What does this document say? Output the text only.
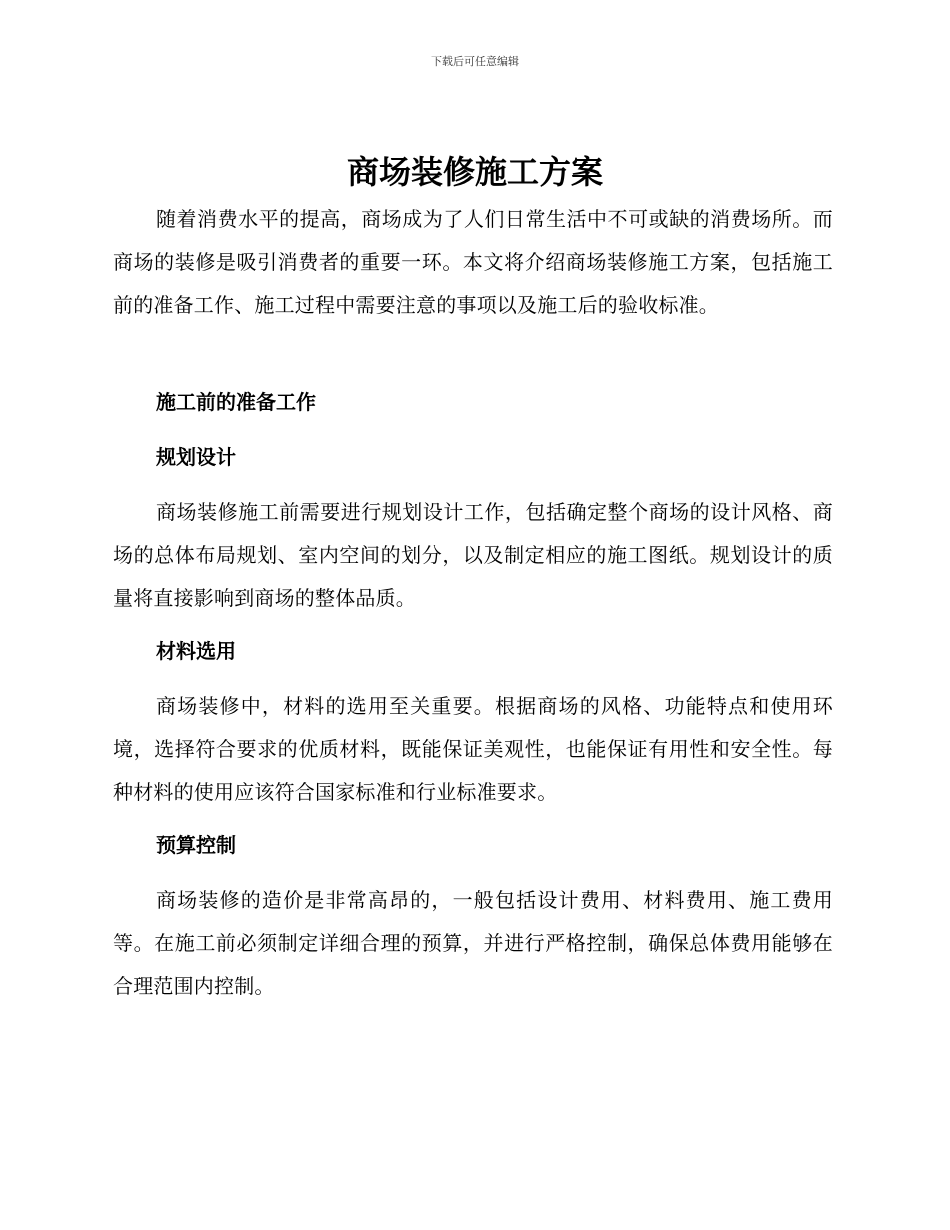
下载后可任意编辑
商场装修施工方案

随着消费水平的提高，商场成为了人们日常生活中不可或缺的消费场所。而商场的装修是吸引消费者的重要一环。本文将介绍商场装修施工方案，包括施工前的准备工作、施工过程中需要注意的事项以及施工后的验收标准。

施工前的准备工作
规划设计

商场装修施工前需要进行规划设计工作，包括确定整个商场的设计风格、商场的总体布局规划、室内空间的划分，以及制定相应的施工图纸。规划设计的质量将直接影响到商场的整体品质。

材料选用

商场装修中，材料的选用至关重要。根据商场的风格、功能特点和使用环境，选择符合要求的优质材料，既能保证美观性，也能保证有用性和安全性。每种材料的使用应该符合国家标准和行业标准要求。

预算控制

商场装修的造价是非常高昂的，一般包括设计费用、材料费用、施工费用等。在施工前必须制定详细合理的预算，并进行严格控制，确保总体费用能够在合理范围内控制。
